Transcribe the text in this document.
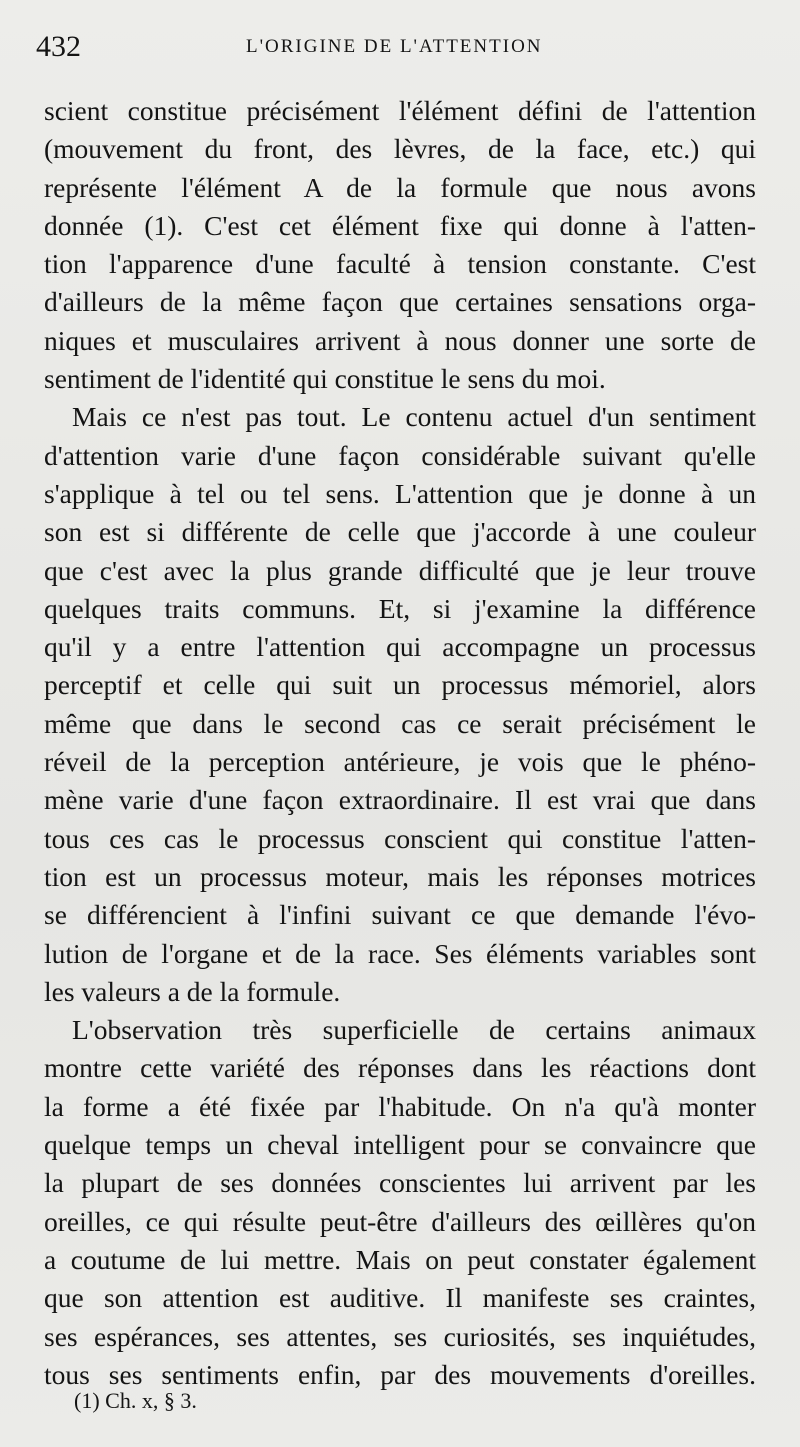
432	L'ORIGINE DE L'ATTENTION
scient constitue précisément l'élément défini de l'attention
(mouvement du front, des lèvres, de la face, etc.) qui
représente l'élément A de la formule que nous avons
donnée (1). C'est cet élément fixe qui donne à l'atten-
tion l'apparence d'une faculté à tension constante. C'est
d'ailleurs de la même façon que certaines sensations orga-
niques et musculaires arrivent à nous donner une sorte de
sentiment de l'identité qui constitue le sens du moi.
Mais ce n'est pas tout. Le contenu actuel d'un sentiment
d'attention varie d'une façon considérable suivant qu'elle
s'applique à tel ou tel sens. L'attention que je donne à un
son est si différente de celle que j'accorde à une couleur
que c'est avec la plus grande difficulté que je leur trouve
quelques traits communs. Et, si j'examine la différence
qu'il y a entre l'attention qui accompagne un processus
perceptif et celle qui suit un processus mémoriel, alors
même que dans le second cas ce serait précisément le
réveil de la perception antérieure, je vois que le phéno-
mène varie d'une façon extraordinaire. Il est vrai que dans
tous ces cas le processus conscient qui constitue l'atten-
tion est un processus moteur, mais les réponses motrices
se différencient à l'infini suivant ce que demande l'évo-
lution de l'organe et de la race. Ses éléments variables sont
les valeurs a de la formule.
L'observation très superficielle de certains animaux
montre cette variété des réponses dans les réactions dont
la forme a été fixée par l'habitude. On n'a qu'à monter
quelque temps un cheval intelligent pour se convaincre que
la plupart de ses données conscientes lui arrivent par les
oreilles, ce qui résulte peut-être d'ailleurs des œillères qu'on
a coutume de lui mettre. Mais on peut constater également
que son attention est auditive. Il manifeste ses craintes,
ses espérances, ses attentes, ses curiosités, ses inquiétudes,
tous ses sentiments enfin, par des mouvements d'oreilles.
(1) Ch. x, § 3.
